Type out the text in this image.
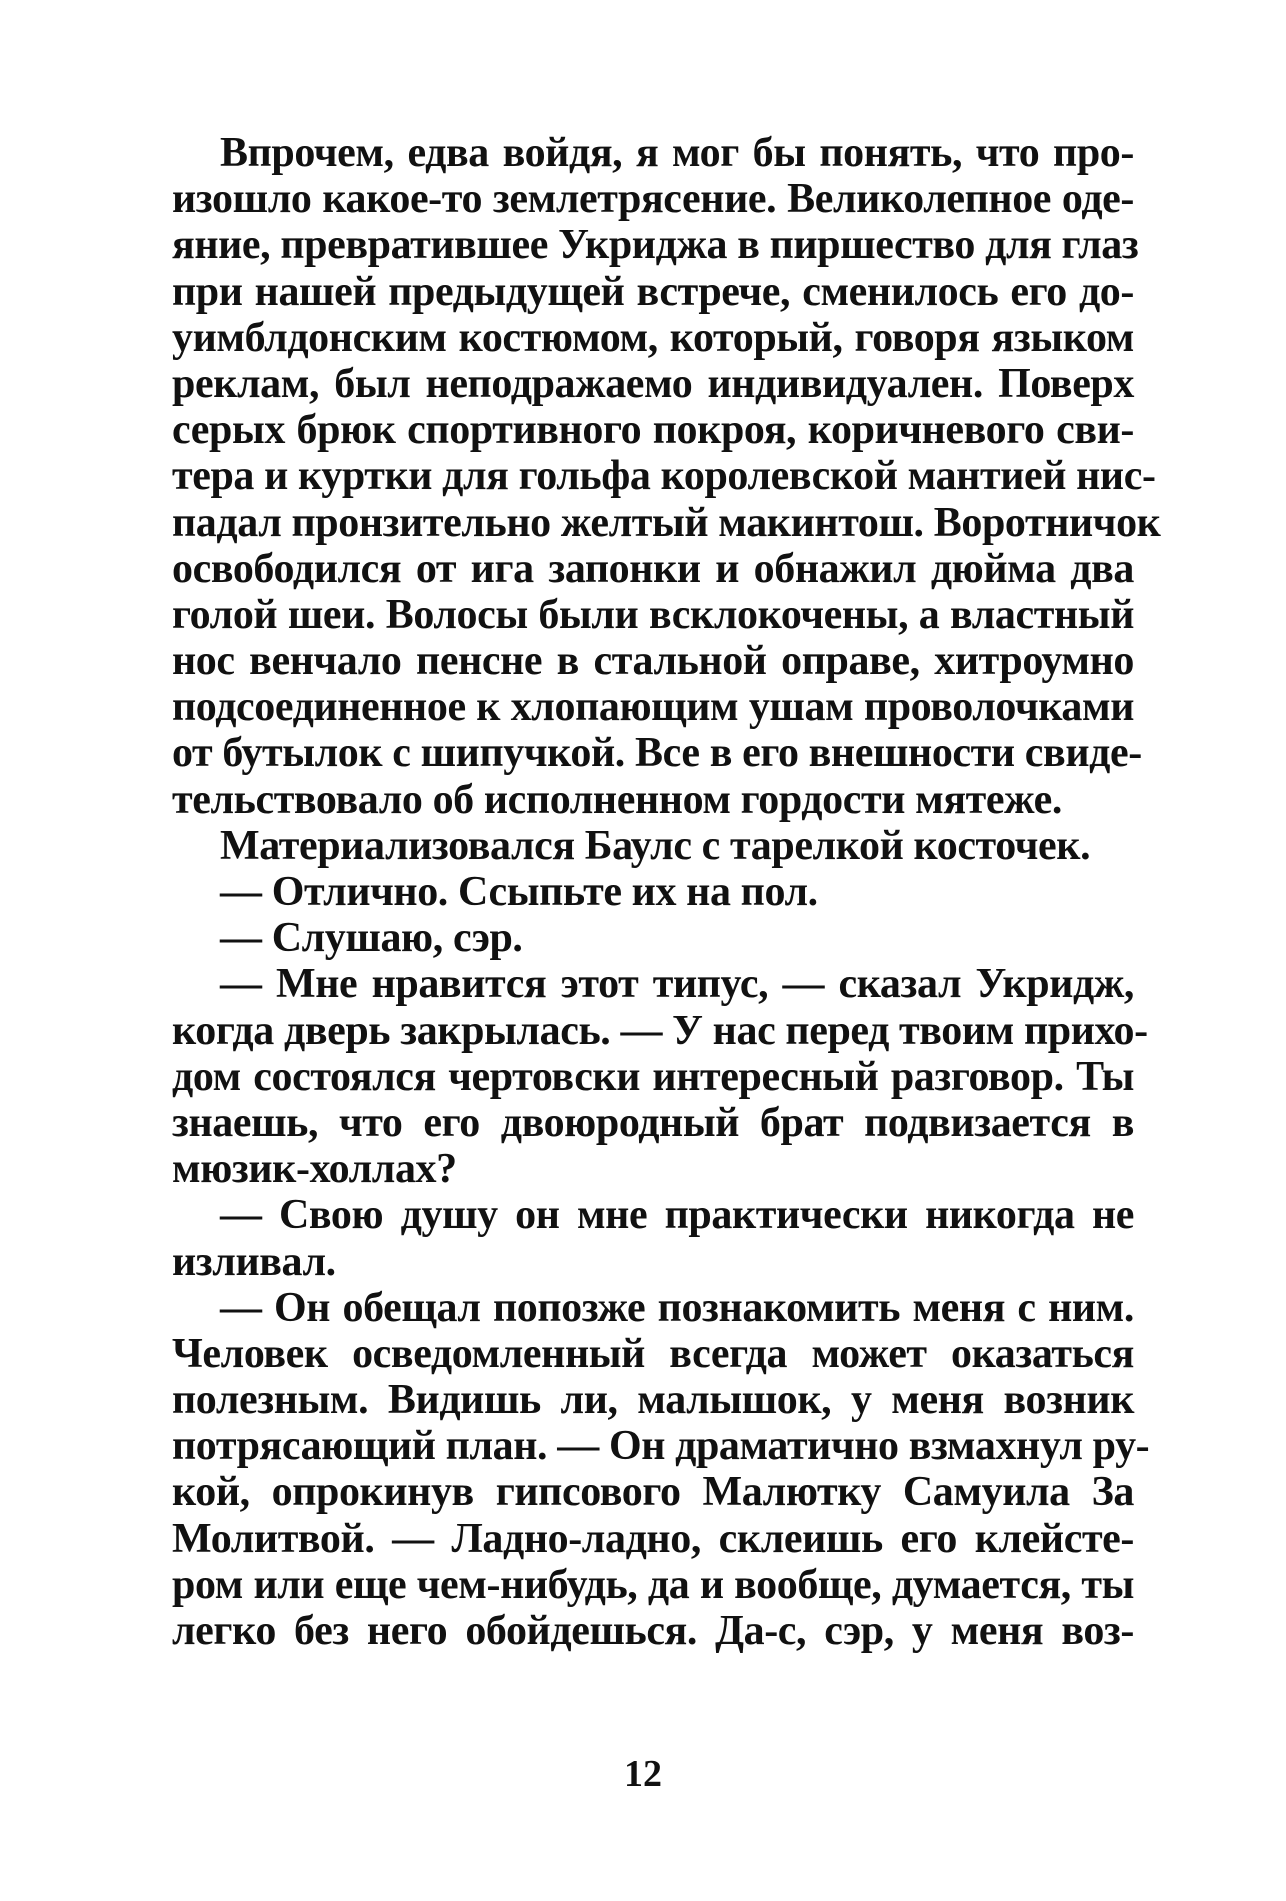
Впрочем, едва войдя, я мог бы понять, что про-
изошло какое-то землетрясение. Великолепное оде-
яние, превратившее Укриджа в пиршество для глаз
при нашей предыдущей встрече, сменилось его до-
уимблдонским костюмом, который, говоря языком
реклам, был неподражаемо индивидуален. Поверх
серых брюк спортивного покроя, коричневого сви-
тера и куртки для гольфа королевской мантией нис-
падал пронзительно желтый макинтош. Воротничок
освободился от ига запонки и обнажил дюйма два
голой шеи. Волосы были всклокочены, а властный
нос венчало пенсне в стальной оправе, хитроумно
подсоединенное к хлопающим ушам проволочками
от бутылок с шипучкой. Все в его внешности свиде-
тельствовало об исполненном гордости мятеже.
Материализовался Баулс с тарелкой косточек.
— Отлично. Ссыпьте их на пол.
— Слушаю, сэр.
— Мне нравится этот типус, — сказал Укридж,
когда дверь закрылась. — У нас перед твоим прихо-
дом состоялся чертовски интересный разговор. Ты
знаешь, что его двоюродный брат подвизается в
мюзик-холлах?
— Свою душу он мне практически никогда не
изливал.
— Он обещал попозже познакомить меня с ним.
Человек осведомленный всегда может оказаться
полезным. Видишь ли, малышок, у меня возник
потрясающий план. — Он драматично взмахнул ру-
кой, опрокинув гипсового Малютку Самуила За
Молитвой. — Ладно-ладно, склеишь его клейсте-
ром или еще чем-нибудь, да и вообще, думается, ты
легко без него обойдешься. Да-с, сэр, у меня воз-
12
